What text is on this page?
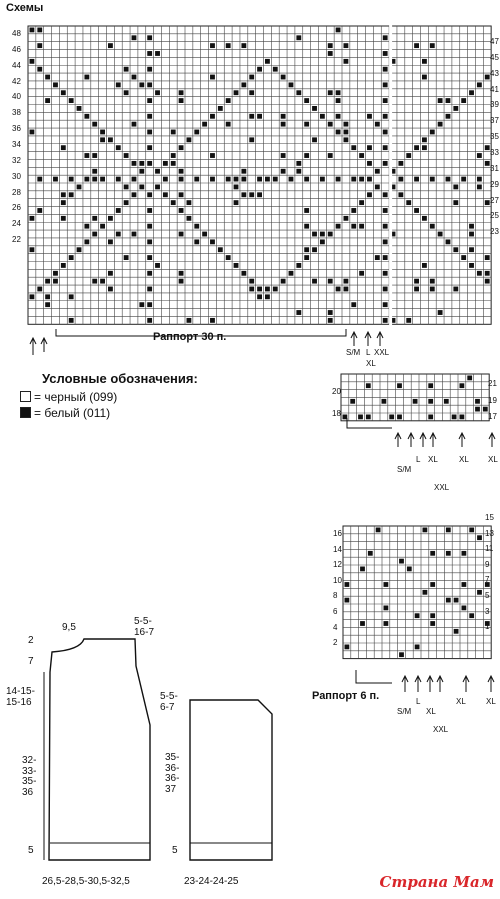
Схемы
48
46
44
42
40
38
36
34
32
30
28
26
24
22
47
45
43
41
39
37
35
33
31
29
27
25
23
Раппорт 30 п.
S/M L
XL
XXL
20
18
21
19
17
S/M
L XL
XXL
XL XL
16
14
12
10
8
6
4
2
15
13
11
9
7
5
3
1
Раппорт 6 п.
S/M
L
XL
XXL
XL	XL
Условные обозначения:
= черный (099)
= белый (011)
9,5
5-5-
16-7
2
7
14-15-
15-16
32-
33-
35-
36
5
26,5-28,5-30,5-32,5
5-5-
6-7
35-
36-
36-
37
5
23-24-24-25	Страна Мам
